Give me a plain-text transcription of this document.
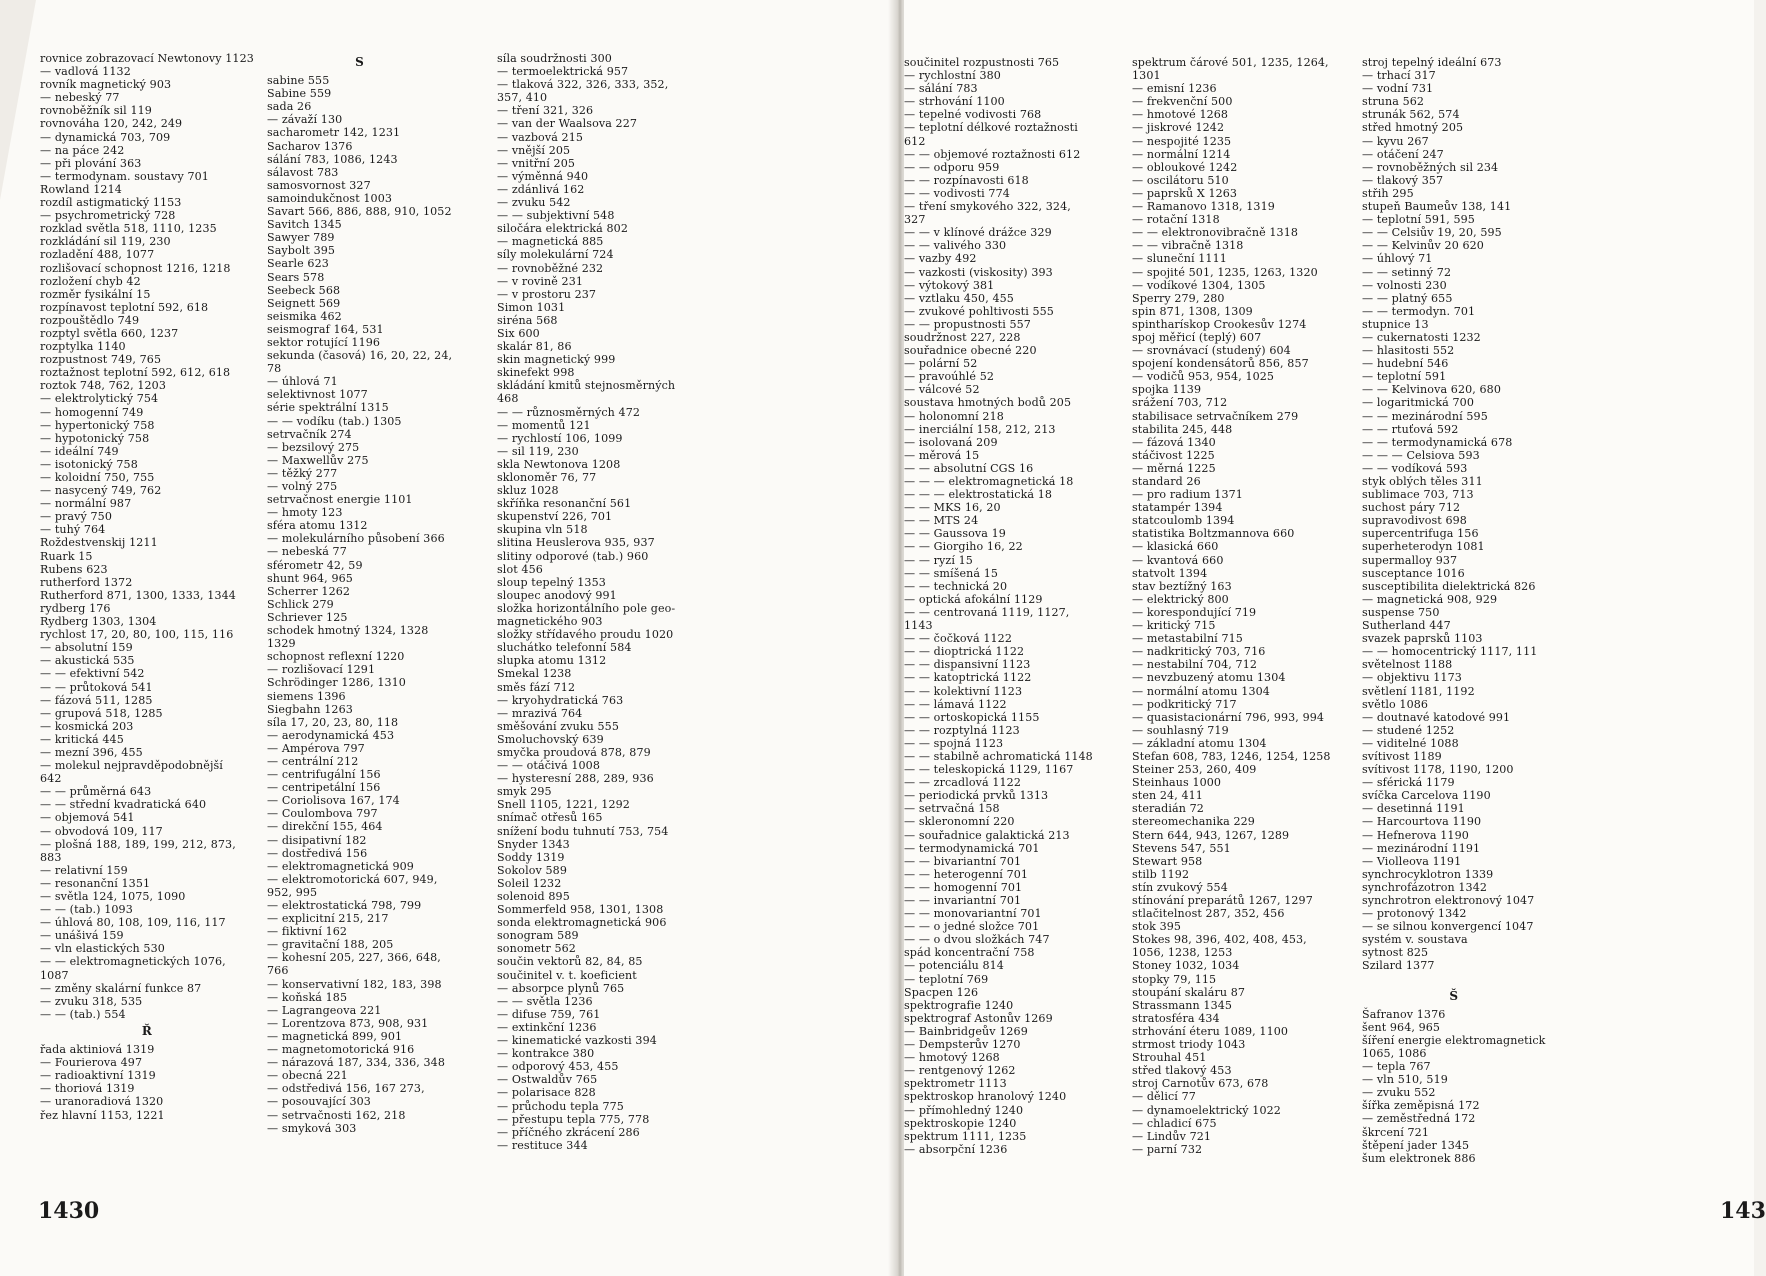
rovnice zobrazovací Newtonovy 1123
— vadlová 1132
rovník magnetický 903
— nebeský 77
rovnoběžník sil 119
rovnováha 120, 242, 249
— dynamická 703, 709
— na páce 242
— při plování 363
— termodynam. soustavy 701
Rowland 1214
rozdíl astigmatický 1153
— psychrometrický 728
rozklad světla 518, 1110, 1235
rozkládání sil 119, 230
rozladění 488, 1077
rozlišovací schopnost 1216, 1218
rozložení chyb 42
rozměr fysikální 15
rozpínavost teplotní 592, 618
rozpouštědlo 749
rozptyl světla 660, 1237
rozptylka 1140
rozpustnost 749, 765
roztažnost teplotní 592, 612, 618
roztok 748, 762, 1203
— elektrolytický 754
— homogenní 749
— hypertonický 758
— hypotonický 758
— ideální 749
— isotonický 758
— koloidní 750, 755
— nasycený 749, 762
— normální 987
— pravý 750
— tuhý 764
Roždestvenskij 1211
Ruark 15
Rubens 623
rutherford 1372
Rutherford 871, 1300, 1333, 1344
rydberg 176
Rydberg 1303, 1304
rychlost 17, 20, 80, 100, 115, 116
— absolutní 159
— akustická 535
— — efektivní 542
— — průtoková 541
— fázová 511, 1285
— grupová 518, 1285
— kosmická 203
— kritická 445
— mezní 396, 455
— molekul nejpravděpodobnější
642
— — průměrná 643
— — střední kvadratická 640
— objemová 541
— obvodová 109, 117
— plošná 188, 189, 199, 212, 873,
883
— relativní 159
— resonanční 1351
— světla 124, 1075, 1090
— — (tab.) 1093
— úhlová 80, 108, 109, 116, 117
— unášivá 159
— vln elastických 530
— — elektromagnetických 1076,
1087
— změny skalární funkce 87
— zvuku 318, 535
— — (tab.) 554
Ř
řada aktiniová 1319
— Fourierova 497
— radioaktivní 1319
— thoriová 1319
— uranoradiová 1320
řez hlavní 1153, 1221
S
sabine 555
Sabine 559
sada 26
— závaží 130
sacharometr 142, 1231
Sacharov 1376
sálání 783, 1086, 1243
sálavost 783
samosvornost 327
samoindukčnost 1003
Savart 566, 886, 888, 910, 1052
Savitch 1345
Sawyer 789
Saybolt 395
Searle 623
Sears 578
Seebeck 568
Seignett 569
seismika 462
seismograf 164, 531
sektor rotující 1196
sekunda (časová) 16, 20, 22, 24,
78
— úhlová 71
selektivnost 1077
série spektrální 1315
— — vodíku (tab.) 1305
setrvačník 274
— bezsilový 275
— Maxwellův 275
— těžký 277
— volný 275
setrvačnost energie 1101
— hmoty 123
sféra atomu 1312
— molekulárního působení 366
— nebeská 77
sférometr 42, 59
shunt 964, 965
Scherrer 1262
Schlick 279
Schriever 125
schodek hmotný 1324, 1328
1329
schopnost reflexní 1220
— rozlišovací 1291
Schrödinger 1286, 1310
siemens 1396
Siegbahn 1263
síla 17, 20, 23, 80, 118
— aerodynamická 453
— Ampérova 797
— centrální 212
— centrifugální 156
— centripetální 156
— Coriolisova 167, 174
— Coulombova 797
— direkční 155, 464
— disipativní 182
— dostředivá 156
— elektromagnetická 909
— elektromotorická 607, 949,
952, 995
— elektrostatická 798, 799
— explicitní 215, 217
— fiktivní 162
— gravitační 188, 205
— kohesní 205, 227, 366, 648,
766
— konservativní 182, 183, 398
— koňská 185
— Lagrangeova 221
— Lorentzova 873, 908, 931
— magnetická 899, 901
— magnetomotorická 916
— nárazová 187, 334, 336, 348
— obecná 221
— odstředivá 156, 167 273,
— posouvající 303
— setrvačnosti 162, 218
— smyková 303
síla soudržnosti 300
— termoelektrická 957
— tlaková 322, 326, 333, 352,
357, 410
— tření 321, 326
— van der Waalsova 227
— vazbová 215
— vnější 205
— vnitřní 205
— výměnná 940
— zdánlivá 162
— zvuku 542
— — subjektivní 548
siločára elektrická 802
— magnetická 885
síly molekulární 724
— rovnoběžné 232
— v rovině 231
— v prostoru 237
Simon 1031
siréna 568
Six 600
skalár 81, 86
skin magnetický 999
skinefekt 998
skládání kmitů stejnosměrných
468
— — různosměrných 472
— momentů 121
— rychlostí 106, 1099
— sil 119, 230
skla Newtonova 1208
sklonoměr 76, 77
skluz 1028
skříňka resonanční 561
skupenství 226, 701
skupina vln 518
slitina Heuslerova 935, 937
slitiny odporové (tab.) 960
slot 456
sloup tepelný 1353
sloupec anodový 991
složka horizontálního pole geo-
magnetického 903
složky střídavého proudu 1020
sluchátko telefonní 584
slupka atomu 1312
Smekal 1238
směs fází 712
— kryohydratická 763
— mrazivá 764
směšování zvuku 555
Smoluchovský 639
smyčka proudová 878, 879
— — otáčivá 1008
— hysteresní 288, 289, 936
smyk 295
Snell 1105, 1221, 1292
snímač otřesů 165
snížení bodu tuhnutí 753, 754
Snyder 1343
Soddy 1319
Sokolov 589
Soleil 1232
solenoid 895
Sommerfeld 958, 1301, 1308
sonda elektromagnetická 906
sonogram 589
sonometr 562
součin vektorů 82, 84, 85
součinitel v. t. koeficient
— absorpce plynů 765
— — světla 1236
— difuse 759, 761
— extinkční 1236
— kinematické vazkosti 394
— kontrakce 380
— odporový 453, 455
— Ostwaldův 765
— polarisace 828
— průchodu tepla 775
— přestupu tepla 775, 778
— příčného zkrácení 286
— restituce 344
1430
součinitel rozpustnosti 765
— rychlostní 380
— sálání 783
— strhování 1100
— tepelné vodivosti 768
— teplotní délkové roztažnosti
612
— — objemové roztažnosti 612
— — odporu 959
— — rozpínavosti 618
— — vodivosti 774
— tření smykového 322, 324,
327
— — v klínové drážce 329
— — valivého 330
— vazby 492
— vazkosti (viskosity) 393
— výtokový 381
— vztlaku 450, 455
— zvukové pohltivosti 555
— — propustnosti 557
soudržnost 227, 228
souřadnice obecné 220
— polární 52
— pravoúhlé 52
— válcové 52
soustava hmotných bodů 205
— holonomní 218
— inerciální 158, 212, 213
— isolovaná 209
— měrová 15
— — absolutní CGS 16
— — — elektromagnetická 18
— — — elektrostatická 18
— — MKS 16, 20
— — MTS 24
— — Gaussova 19
— — Giorgiho 16, 22
— — ryzí 15
— — smíšená 15
— — technická 20
— optická afokální 1129
— — centrovaná 1119, 1127,
1143
— — čočková 1122
— — dioptrická 1122
— — dispansivní 1123
— — katoptrická 1122
— — kolektivní 1123
— — lámavá 1122
— — ortoskopická 1155
— — rozptylná 1123
— — spojná 1123
— — stabilně achromatická 1148
— — teleskopická 1129, 1167
— — zrcadlová 1122
— periodická prvků 1313
— setrvačná 158
— skleronomní 220
— souřadnice galaktická 213
— termodynamická 701
— — bivariantní 701
— — heterogenní 701
— — homogenní 701
— — invariantní 701
— — monovariantní 701
— — o jedné složce 701
— — o dvou složkách 747
spád koncentrační 758
— potenciálu 814
— teplotní 769
Spacpen 126
spektrografie 1240
spektrograf Astonův 1269
— Bainbridgeův 1269
— Dempsterův 1270
— hmotový 1268
— rentgenový 1262
spektrometr 1113
spektroskop hranolový 1240
— přímohledný 1240
spektroskopie 1240
spektrum 1111, 1235
— absorpční 1236
spektrum čárové 501, 1235, 1264,
1301
— emisní 1236
— frekvenční 500
— hmotové 1268
— jiskrové 1242
— nespojité 1235
— normální 1214
— obloukové 1242
— oscilátoru 510
— paprsků X 1263
— Ramanovo 1318, 1319
— rotační 1318
— — elektronovibračně 1318
— — vibračně 1318
— sluneční 1111
— spojité 501, 1235, 1263, 1320
— vodíkové 1304, 1305
Sperry 279, 280
spin 871, 1308, 1309
spintharískop Crookesův 1274
spoj měřicí (teplý) 607
— srovnávací (studený) 604
spojení kondensátorů 856, 857
— vodičů 953, 954, 1025
spojka 1139
srážení 703, 712
stabilisace setrvačníkem 279
stabilita 245, 448
— fázová 1340
stáčivost 1225
— měrná 1225
standard 26
— pro radium 1371
statampér 1394
statcoulomb 1394
statistika Boltzmannova 660
— klasická 660
— kvantová 660
statvolt 1394
stav beztížný 163
— elektrický 800
— korespondující 719
— kritický 715
— metastabilní 715
— nadkritický 703, 716
— nestabilní 704, 712
— nevzbuzený atomu 1304
— normální atomu 1304
— podkritický 717
— quasistacionární 796, 993, 994
— souhlasný 719
— základní atomu 1304
Stefan 608, 783, 1246, 1254, 1258
Steiner 253, 260, 409
Steinhaus 1000
sten 24, 411
steradián 72
stereomechanika 229
Stern 644, 943, 1267, 1289
Stevens 547, 551
Stewart 958
stilb 1192
stín zvukový 554
stínování preparátů 1267, 1297
stlačitelnost 287, 352, 456
stok 395
Stokes 98, 396, 402, 408, 453,
1056, 1238, 1253
Stoney 1032, 1034
stopky 79, 115
stoupání skaláru 87
Strassmann 1345
stratosféra 434
strhování éteru 1089, 1100
strmost triody 1043
Strouhal 451
střed tlakový 453
stroj Carnotův 673, 678
— dělicí 77
— dynamoelektrický 1022
— chladicí 675
— Lindův 721
— parní 732
stroj tepelný ideální 673
— trhací 317
— vodní 731
struna 562
strunák 562, 574
střed hmotný 205
— kyvu 267
— otáčení 247
— rovnoběžných sil 234
— tlakový 357
střih 295
stupeň Baumeův 138, 141
— teplotní 591, 595
— — Celsiův 19, 20, 595
— — Kelvinův 20 620
— úhlový 71
— — setinný 72
— volnosti 230
— — platný 655
— — termodyn. 701
stupnice 13
— cukernatosti 1232
— hlasitosti 552
— hudební 546
— teplotní 591
— — Kelvinova 620, 680
— logaritmická 700
— — mezinárodní 595
— — rtuťová 592
— — termodynamická 678
— — — Celsiova 593
— — vodíková 593
styk oblých těles 311
sublimace 703, 713
suchost páry 712
supravodivost 698
supercentrifuga 156
superheterodyn 1081
supermalloy 937
susceptance 1016
susceptibilita dielektrická 826
— magnetická 908, 929
suspense 750
Sutherland 447
svazek paprsků 1103
— — homocentrický 1117, 111
světelnost 1188
— objektivu 1173
světlení 1181, 1192
světlo 1086
— doutnavé katodové 991
— studené 1252
— viditelné 1088
svítivost 1189
svítivost 1178, 1190, 1200
— sférická 1179
svíčka Carcelova 1190
— desetinná 1191
— Harcourtova 1190
— Hefnerova 1190
— mezinárodní 1191
— Violleova 1191
synchrocyklotron 1339
synchrofázotron 1342
synchrotron elektronový 1047
— protonový 1342
— se silnou konvergencí 1047
systém v. soustava
sytnost 825
Szilard 1377
Š
Šafranov 1376
šent 964, 965
šíření energie elektromagnetick
1065, 1086
— tepla 767
— vln 510, 519
— zvuku 552
šířka zeměpisná 172
— zeměstředná 172
škrcení 721
štěpení jader 1345
šum elektronek 886
143
